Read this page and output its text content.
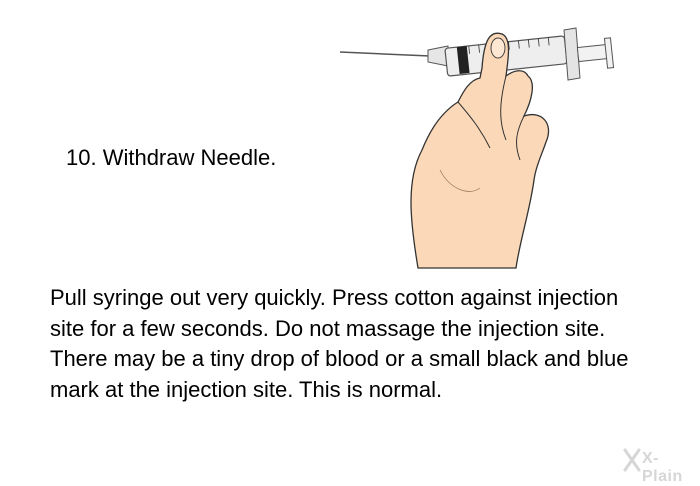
10. Withdraw Needle.
Pull syringe out very quickly. Press cotton against injection site for a few seconds. Do not massage the injection site. There may be a tiny drop of blood or a small black and blue mark at the injection site. This is normal.
X-Plain
